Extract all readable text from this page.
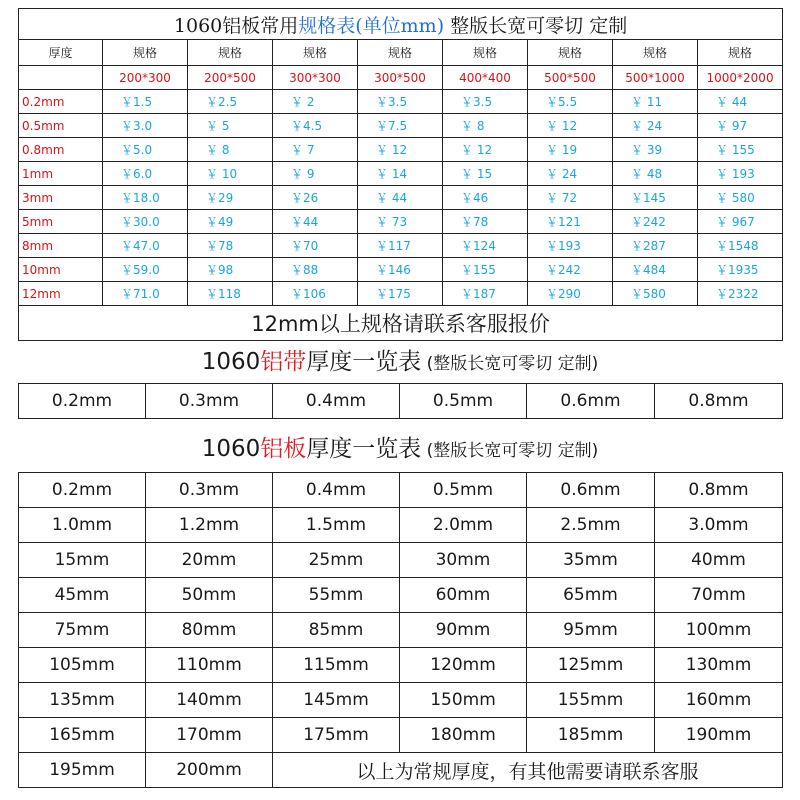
1060铝板常用规格表(单位mm) 整版长宽可零切 定制								
厚度	规格	规格	规格	规格	规格	规格	规格	规格
	200*300	200*500	300*300	300*500	400*400	500*500	500*1000	1000*2000
0.2mm	￥1.5	￥2.5	￥ 2	￥3.5	￥3.5	￥5.5	￥ 11	￥ 44
0.5mm	￥3.0	￥ 5	￥4.5	￥7.5	￥ 8	￥ 12	￥ 24	￥ 97
0.8mm	￥5.0	￥ 8	￥ 7	￥ 12	￥ 12	￥ 19	￥ 39	￥ 155
1mm	￥6.0	￥ 10	￥ 9	￥ 14	￥ 15	￥ 24	￥ 48	￥ 193
3mm	￥18.0	￥29	￥26	￥ 44	￥46	￥ 72	￥145	￥ 580
5mm	￥30.0	￥49	￥44	￥ 73	￥78	￥121	￥242	￥ 967
8mm	￥47.0	￥78	￥70	￥117	￥124	￥193	￥287	￥1548
10mm	￥59.0	￥98	￥88	￥146	￥155	￥242	￥484	￥1935
12mm	￥71.0	￥118	￥106	￥175	￥187	￥290	￥580	￥2322
12mm以上规格请联系客服报价								
1060铝带厚度一览表 (整版长宽可零切 定制)
0.2mm	0.3mm	0.4mm	0.5mm	0.6mm	0.8mm
1060铝板厚度一览表 (整版长宽可零切 定制)
0.2mm	0.3mm	0.4mm	0.5mm	0.6mm	0.8mm
1.0mm	1.2mm	1.5mm	2.0mm	2.5mm	3.0mm
15mm	20mm	25mm	30mm	35mm	40mm
45mm	50mm	55mm	60mm	65mm	70mm
75mm	80mm	85mm	90mm	95mm	100mm
105mm	110mm	115mm	120mm	125mm	130mm
135mm	140mm	145mm	150mm	155mm	160mm
165mm	170mm	175mm	180mm	185mm	190mm
195mm	200mm	以上为常规厚度，有其他需要请联系客服			
